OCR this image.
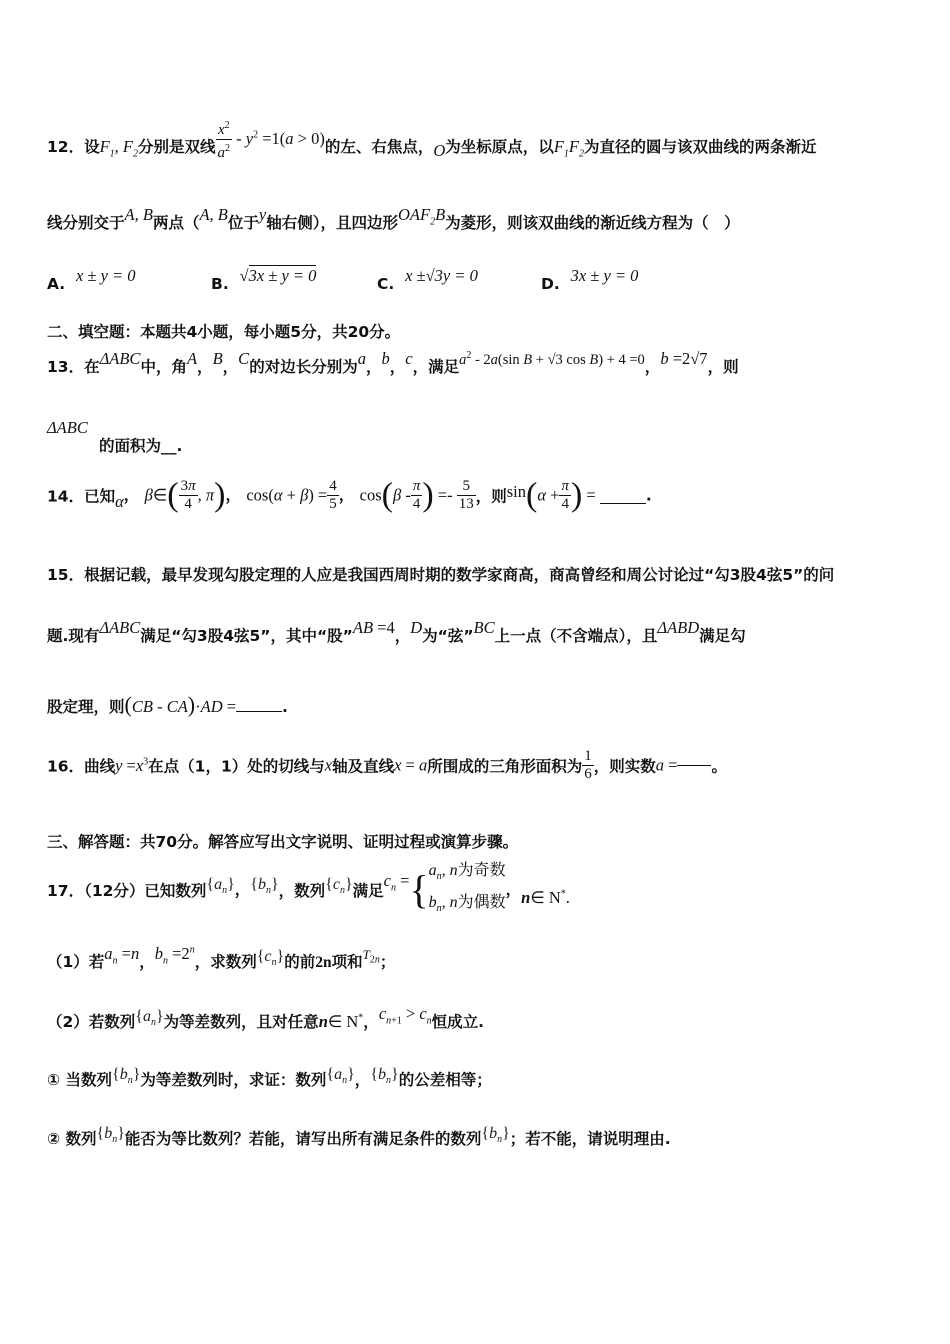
12．设$F_1$, $F_2$分别是双线 $\frac{x^2}{a^2} - y^2 =1(a > 0)$的左、右焦点，O为坐标原点，以$F_1F_2$为直径的圆与该双曲线的两条渐近
线分别交于A, B两点（A, B位于y轴右侧），且四边形$OAF_2B$为菱形，则该双曲线的渐近线方程为（　）
A. x ± y = 0	B. √3x ± y = 0	C. x ±√3y = 0	D. 3x ± y = 0
二、填空题：本题共4小题，每小题5分，共20分。
13．在ΔABC中，角A，B，C的对边长分别为a，b，c，满足$a^2 - 2a(\sin$ B + √3 cos B) + 4 =0，b =2√7，则
ΔABC
的面积为__.
14．已知α， β∈( $\frac{3\pi}{4}$ , π)， $\cos(\alpha + \beta) = \frac{4}{5}$ ， $\cos(\beta - \frac{\pi}{4}$ ) =- $\frac{5}{13}$ ，则$\sin(\alpha + \frac{\pi}{4}$ ) =	.
15．根据记载，最早发现勾股定理的人应是我国西周时期的数学家商高，商高曾经和周公讨论过“勾3股4弦5”的问
题.现有ΔABC满足“勾3股4弦5”，其中“股”AB =4，D为“弦”BC上一点（不含端点），且ΔABD满足勾
股定理，则(CB - CA)·AD =	.
16．曲线$y =x^3$在点（1，1）处的切线与x轴及直线x = a所围成的三角形面积为 $\frac{1}{6}$ ，则实数a = 。
三、解答题：共70分。解答应写出文字说明、证明过程或演算步骤。
17．（12分）已知数列$\{a_n\}$，$\{b_n\}$，数列$\{c_n\}$满足$c_n =\{a_n$, n为奇数
$b_n$, n为偶数，n∈ N*.
（1）若$a_n =n$，$b_n =2^n$，求数列$\{c_n\}$的前2n项和$^{T_{2n}}$；
（2）若数列$\{a_n\}$为等差数列，且对任意n∈ N*，$c_{n+1} > c_n$恒成立.
① 当数列$\{b_n\}$为等差数列时，求证：数列$\{a_n\}$，$\{b_n\}$的公差相等；
② 数列$\{b_n\}$能否为等比数列？若能，请写出所有满足条件的数列$\{b_n\}$；若不能，请说明理由.
